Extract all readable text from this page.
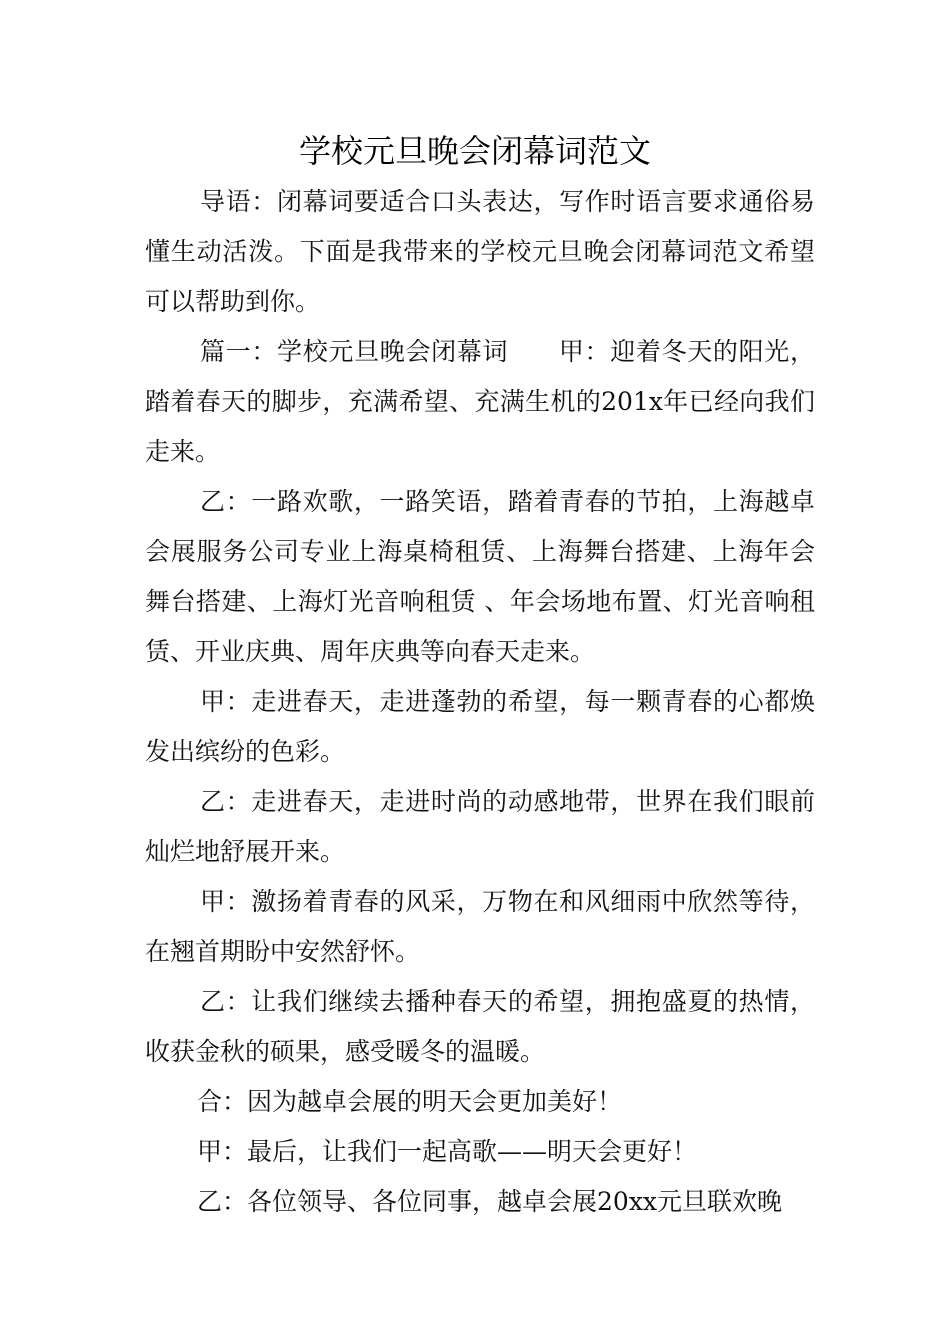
学校元旦晚会闭幕词范文

导语：闭幕词要适合口头表达，写作时语言要求通俗易懂生动活泼。下面是我带来的学校元旦晚会闭幕词范文希望可以帮助到你。

篇一：学校元旦晚会闭幕词 甲：迎着冬天的阳光，踏着春天的脚步，充满希望、充满生机的201x年已经向我们走来。

乙：一路欢歌，一路笑语，踏着青春的节拍，上海越卓会展服务公司专业上海桌椅租赁、上海舞台搭建、上海年会舞台搭建、上海灯光音响租赁 、年会场地布置、灯光音响租赁、开业庆典、周年庆典等向春天走来。

甲：走进春天，走进蓬勃的希望，每一颗青春的心都焕发出缤纷的色彩。

乙：走进春天，走进时尚的动感地带，世界在我们眼前灿烂地舒展开来。

甲：激扬着青春的风采，万物在和风细雨中欣然等待，在翘首期盼中安然舒怀。

乙：让我们继续去播种春天的希望，拥抱盛夏的热情，收获金秋的硕果，感受暖冬的温暖。

合：因为越卓会展的明天会更加美好！

甲：最后，让我们一起高歌——明天会更好！

乙：各位领导、各位同事，越卓会展20xx元旦联欢晚
